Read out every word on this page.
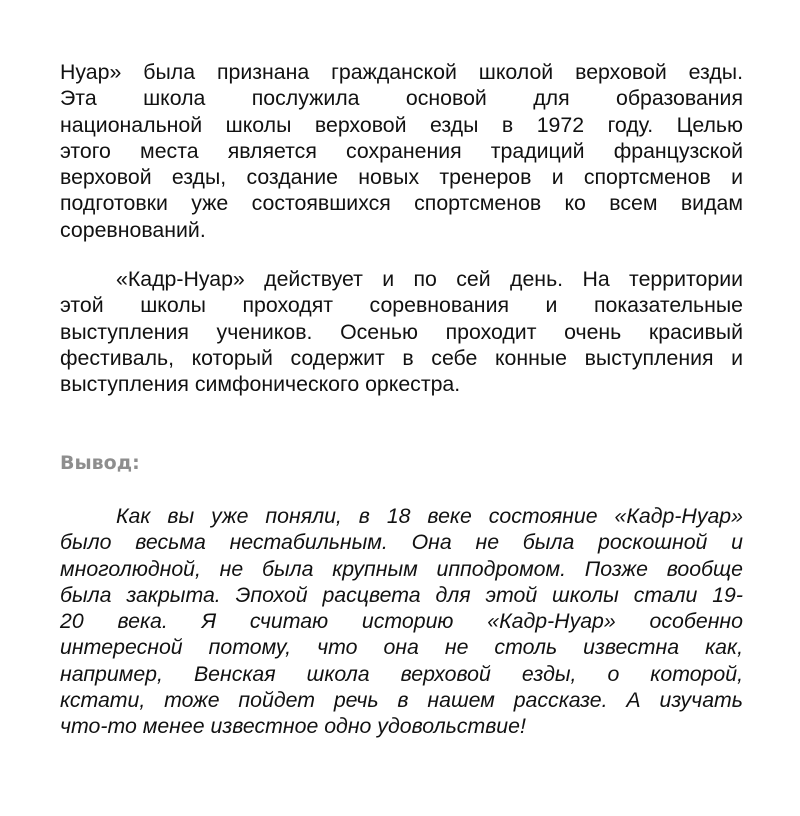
Нуар» была признана гражданской школой верховой езды.
Эта школа послужила основой для образования
национальной школы верховой езды в 1972 году. Целью
этого места является сохранения традиций французской
верховой езды, создание новых тренеров и спортсменов и
подготовки уже состоявшихся спортсменов ко всем видам
соревнований.
«Кадр-Нуар» действует и по сей день. На территории
этой школы проходят соревнования и показательные
выступления учеников. Осенью проходит очень красивый
фестиваль, который содержит в себе конные выступления и
выступления симфонического оркестра.
Вывод:
Как вы уже поняли, в 18 веке состояние «Кадр-Нуар»
было весьма нестабильным. Она не была роскошной и
многолюдной, не была крупным ипподромом. Позже вообще
была закрыта. Эпохой расцвета для этой школы стали 19-
20 века. Я считаю историю «Кадр-Нуар» особенно
интересной потому, что она не столь известна как,
например, Венская школа верховой езды, о которой,
кстати, тоже пойдет речь в нашем рассказе. А изучать
что-то менее известное одно удовольствие!
